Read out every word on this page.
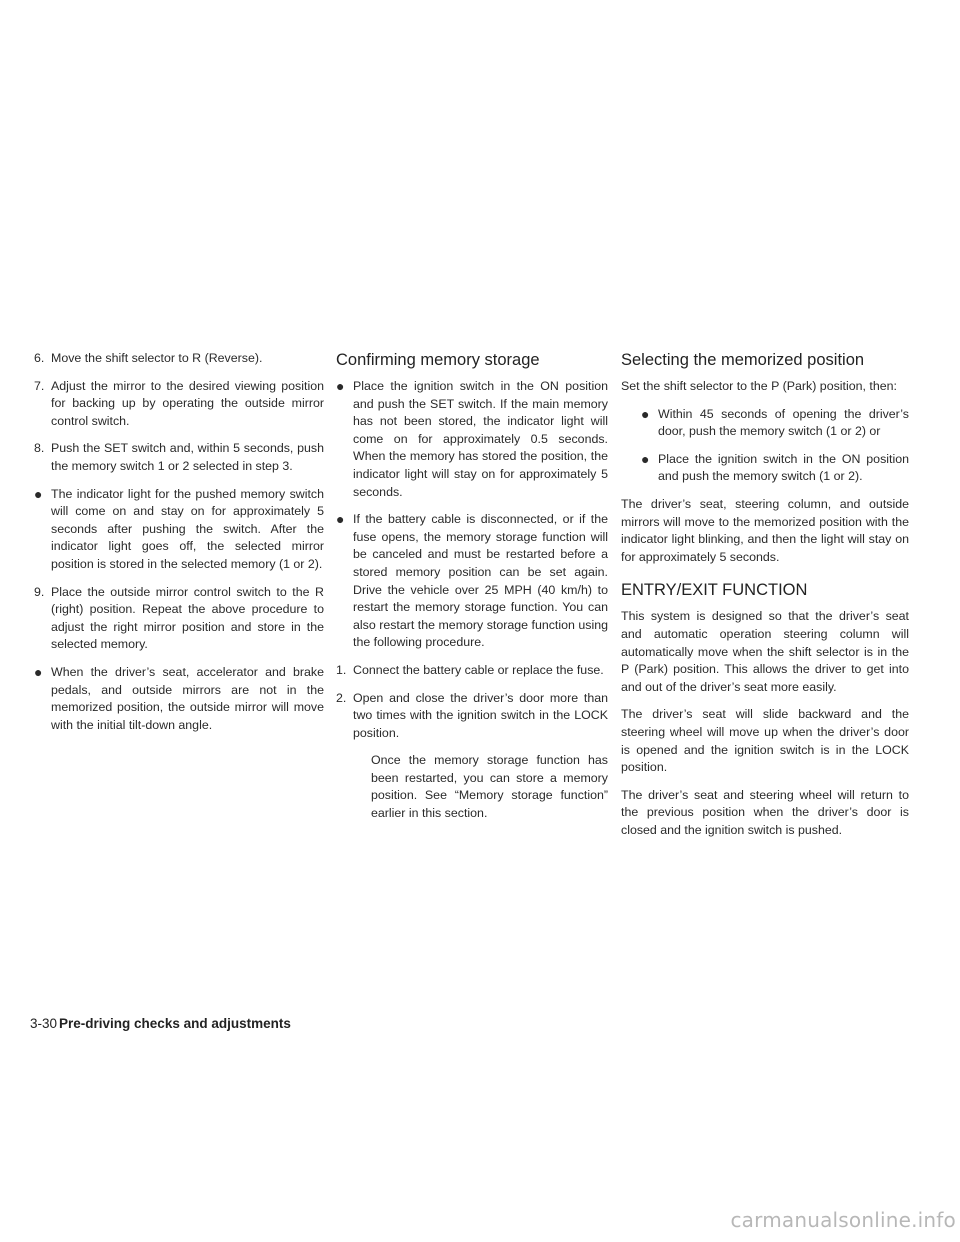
6. Move the shift selector to R (Reverse).
7. Adjust the mirror to the desired viewing position for backing up by operating the outside mirror control switch.
8. Push the SET switch and, within 5 seconds, push the memory switch 1 or 2 selected in step 3.
● The indicator light for the pushed memory switch will come on and stay on for approximately 5 seconds after pushing the switch. After the indicator light goes off, the selected mirror position is stored in the selected memory (1 or 2).
9. Place the outside mirror control switch to the R (right) position. Repeat the above procedure to adjust the right mirror position and store in the selected memory.
● When the driver’s seat, accelerator and brake pedals, and outside mirrors are not in the memorized position, the outside mirror will move with the initial tilt-down angle.
Confirming memory storage
● Place the ignition switch in the ON position and push the SET switch. If the main memory has not been stored, the indicator light will come on for approximately 0.5 seconds. When the memory has stored the position, the indicator light will stay on for approximately 5 seconds.
● If the battery cable is disconnected, or if the fuse opens, the memory storage function will be canceled and must be restarted before a stored memory position can be set again. Drive the vehicle over 25 MPH (40 km/h) to restart the memory storage function. You can also restart the memory storage function using the following procedure.
1. Connect the battery cable or replace the fuse.
2. Open and close the driver’s door more than two times with the ignition switch in the LOCK position.

Once the memory storage function has been restarted, you can store a memory position. See “Memory storage function” earlier in this section.

Selecting the memorized position

Set the shift selector to the P (Park) position, then:

● Within 45 seconds of opening the driver’s door, push the memory switch (1 or 2) or
● Place the ignition switch in the ON position and push the memory switch (1 or 2).

The driver’s seat, steering column, and outside mirrors will move to the memorized position with the indicator light blinking, and then the light will stay on for approximately 5 seconds.

ENTRY/EXIT FUNCTION

This system is designed so that the driver’s seat and automatic operation steering column will automatically move when the shift selector is in the P (Park) position. This allows the driver to get into and out of the driver’s seat more easily.

The driver’s seat will slide backward and the steering wheel will move up when the driver’s door is opened and the ignition switch is in the LOCK position.

The driver’s seat and steering wheel will return to the previous position when the driver’s door is closed and the ignition switch is pushed.

3-30 Pre-driving checks and adjustments
carmanualsonline.info
